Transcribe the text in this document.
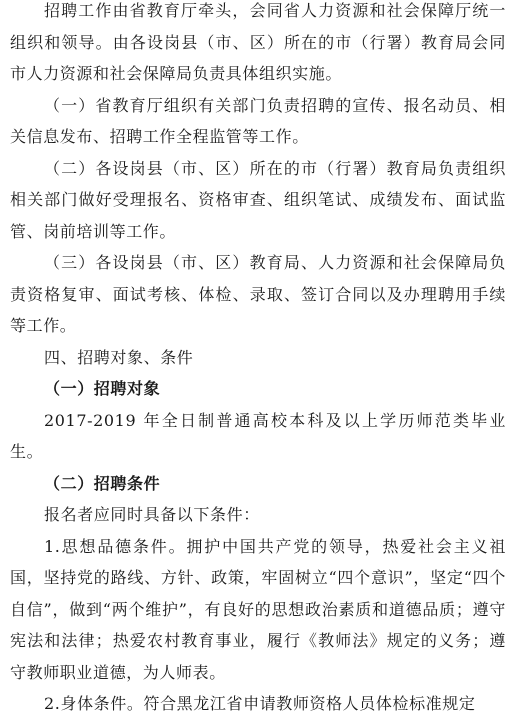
招聘工作由省教育厅牵头，会同省人力资源和社会保障厅统一组织和领导。由各设岗县（市、区）所在的市（行署）教育局会同市人力资源和社会保障局负责具体组织实施。

（一）省教育厅组织有关部门负责招聘的宣传、报名动员、相关信息发布、招聘工作全程监管等工作。

（二）各设岗县（市、区）所在的市（行署）教育局负责组织相关部门做好受理报名、资格审查、组织笔试、成绩发布、面试监管、岗前培训等工作。

（三）各设岗县（市、区）教育局、人力资源和社会保障局负责资格复审、面试考核、体检、录取、签订合同以及办理聘用手续等工作。

四、招聘对象、条件

（一）招聘对象

2017-2019 年全日制普通高校本科及以上学历师范类毕业生。

（二）招聘条件

报名者应同时具备以下条件：

1.思想品德条件。拥护中国共产党的领导，热爱社会主义祖国，坚持党的路线、方针、政策，牢固树立“四个意识”，坚定“四个自信”，做到“两个维护”，有良好的思想政治素质和道德品质；遵守宪法和法律；热爱农村教育事业，履行《教师法》规定的义务；遵守教师职业道德，为人师表。

2.身体条件。符合黑龙江省申请教师资格人员体检标准规定
